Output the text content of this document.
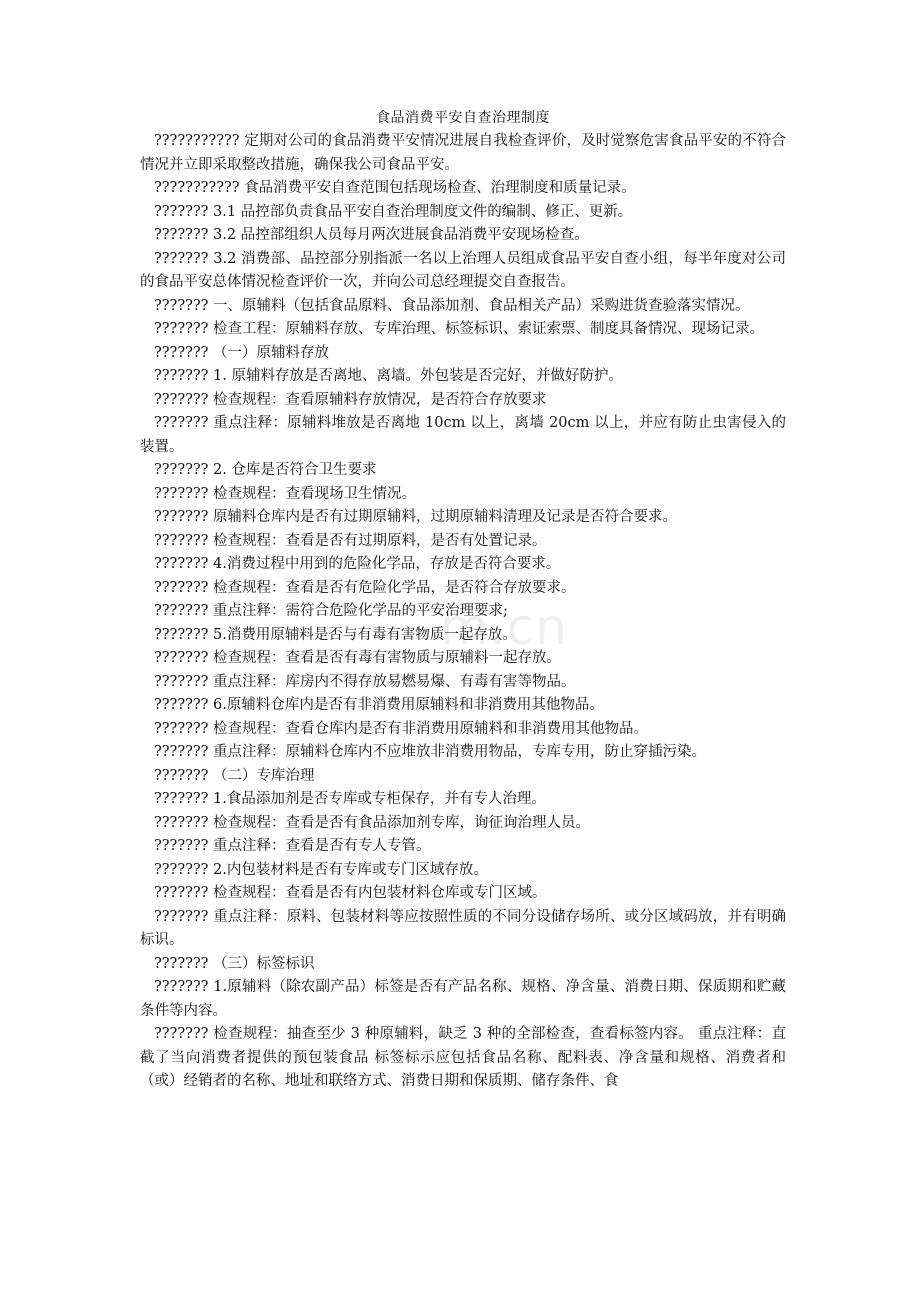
m.cn
食品消费平安自查治理制度

??????????? 定期对公司的食品消费平安情况进展自我检查评价，及时觉察危害食品平安的不符合情况并立即采取整改措施，确保我公司食品平安。

??????????? 食品消费平安自查范围包括现场检查、治理制度和质量记录。

??????? 3.1 品控部负责食品平安自查治理制度文件的编制、修正、更新。

??????? 3.2 品控部组织人员每月两次进展食品消费平安现场检查。

??????? 3.2 消费部、品控部分别指派一名以上治理人员组成食品平安自查小组，每半年度对公司的食品平安总体情况检查评价一次，并向公司总经理提交自查报告。

??????? 一、原辅料（包括食品原料、食品添加剂、食品相关产品）采购进货查验落实情况。

??????? 检查工程：原辅料存放、专库治理、标签标识、索证索票、制度具备情况、现场记录。

??????? （一）原辅料存放

??????? 1. 原辅料存放是否离地、离墙。外包装是否完好，并做好防护。

??????? 检查规程：查看原辅料存放情况，是否符合存放要求

??????? 重点注释：原辅料堆放是否离地 10cm 以上，离墙 20cm 以上，并应有防止虫害侵入的装置。

??????? 2. 仓库是否符合卫生要求

??????? 检查规程：查看现场卫生情况。

??????? 原辅料仓库内是否有过期原辅料，过期原辅料清理及记录是否符合要求。

??????? 检查规程：查看是否有过期原料，是否有处置记录。

??????? 4.消费过程中用到的危险化学品，存放是否符合要求。

??????? 检查规程：查看是否有危险化学品，是否符合存放要求。

??????? 重点注释：需符合危险化学品的平安治理要求;

??????? 5.消费用原辅料是否与有毒有害物质一起存放。

??????? 检查规程：查看是否有毒有害物质与原辅料一起存放。

??????? 重点注释：库房内不得存放易燃易爆、有毒有害等物品。

??????? 6.原辅料仓库内是否有非消费用原辅料和非消费用其他物品。

??????? 检查规程：查看仓库内是否有非消费用原辅料和非消费用其他物品。

??????? 重点注释：原辅料仓库内不应堆放非消费用物品，专库专用，防止穿插污染。

??????? （二）专库治理

??????? 1.食品添加剂是否专库或专柜保存，并有专人治理。

??????? 检查规程：查看是否有食品添加剂专库，询征询治理人员。

??????? 重点注释：查看是否有专人专管。

??????? 2.内包装材料是否有专库或专门区域存放。

??????? 检查规程：查看是否有内包装材料仓库或专门区域。

??????? 重点注释：原料、包装材料等应按照性质的不同分设储存场所、或分区域码放，并有明确标识。

??????? （三）标签标识

??????? 1.原辅料（除农副产品）标签是否有产品名称、规格、净含量、消费日期、保质期和贮藏条件等内容。

??????? 检查规程：抽查至少 3 种原辅料，缺乏 3 种的全部检查，查看标签内容。 重点注释：直截了当向消费者提供的预包装食品 标签标示应包括食品名称、配料表、净含量和规格、消费者和（或）经销者的名称、地址和联络方式、消费日期和保质期、储存条件、食
